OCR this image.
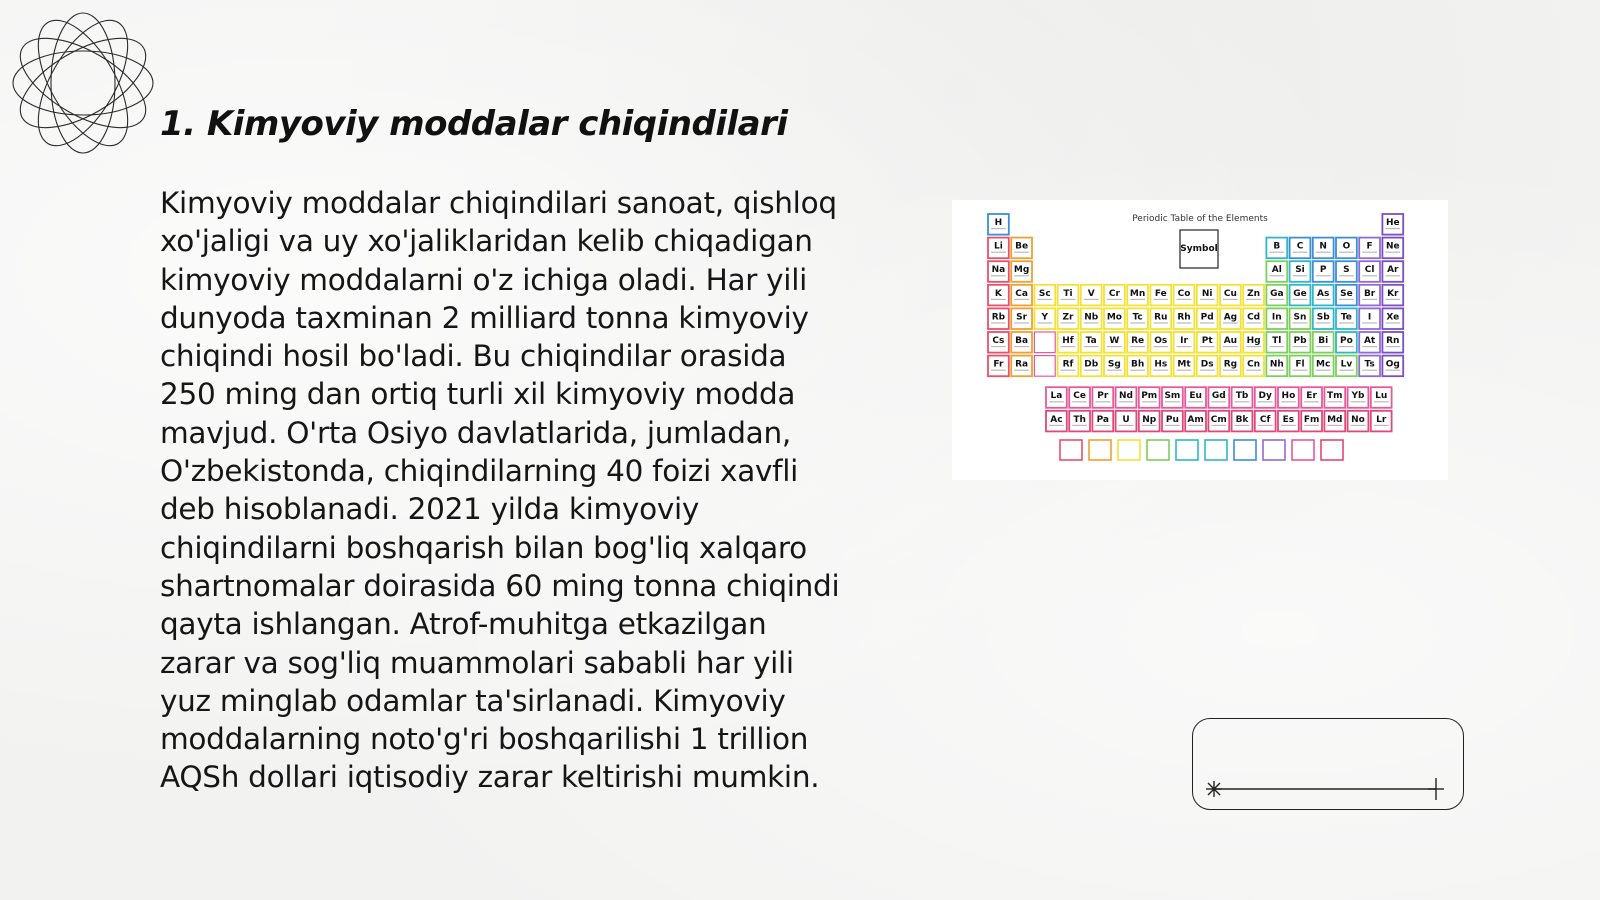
1. Kimyoviy moddalar chiqindilari
Kimyoviy moddalar chiqindilari sanoat, qishloq xo'jaligi va uy xo'jaliklaridan kelib chiqadigan kimyoviy moddalarni o'z ichiga oladi. Har yili dunyoda taxminan 2 milliard tonna kimyoviy chiqindi hosil bo'ladi. Bu chiqindilar orasida 250 ming dan ortiq turli xil kimyoviy modda mavjud. O'rta Osiyo davlatlarida, jumladan, O'zbekistonda, chiqindilarning 40 foizi xavfli deb hisoblanadi. 2021 yilda kimyoviy chiqindilarni boshqarish bilan bog'liq xalqaro shartnomalar doirasida 60 ming tonna chiqindi qayta ishlangan. Atrof-muhitga etkazilgan zarar va sog'liq muammolari sababli har yili yuz minglab odamlar ta'sirlanadi. Kimyoviy moddalarning noto'g'ri boshqarilishi 1 trillion AQSh dollari iqtisodiy zarar keltirishi mumkin.
Periodic Table of the Elements
H	He
Li Be	B C N O F Ne
Na Mg	Al Si P S Cl Ar
K Ca Sc Ti V Cr Mn Fe Co Ni Cu Zn Ga Ge As Se Br Kr
Rb Sr Y Zr Nb Mo Tc Ru Rh Pd Ag Cd In Sn Sb Te I Xe
Cs Ba	Hf Ta W Re Os Ir Pt Au Hg Tl Pb Bi Po At Rn
Fr Ra	Rf Db Sg Bh Hs Mt Ds Rg Cn Nh Fl Mc Lv Ts Og
Symbol
La Ce Pr Nd Pm Sm Eu Gd Tb Dy Ho Er Tm Yb Lu
Ac Th Pa U Np Pu Am Cm Bk Cf Es Fm Md No Lr
